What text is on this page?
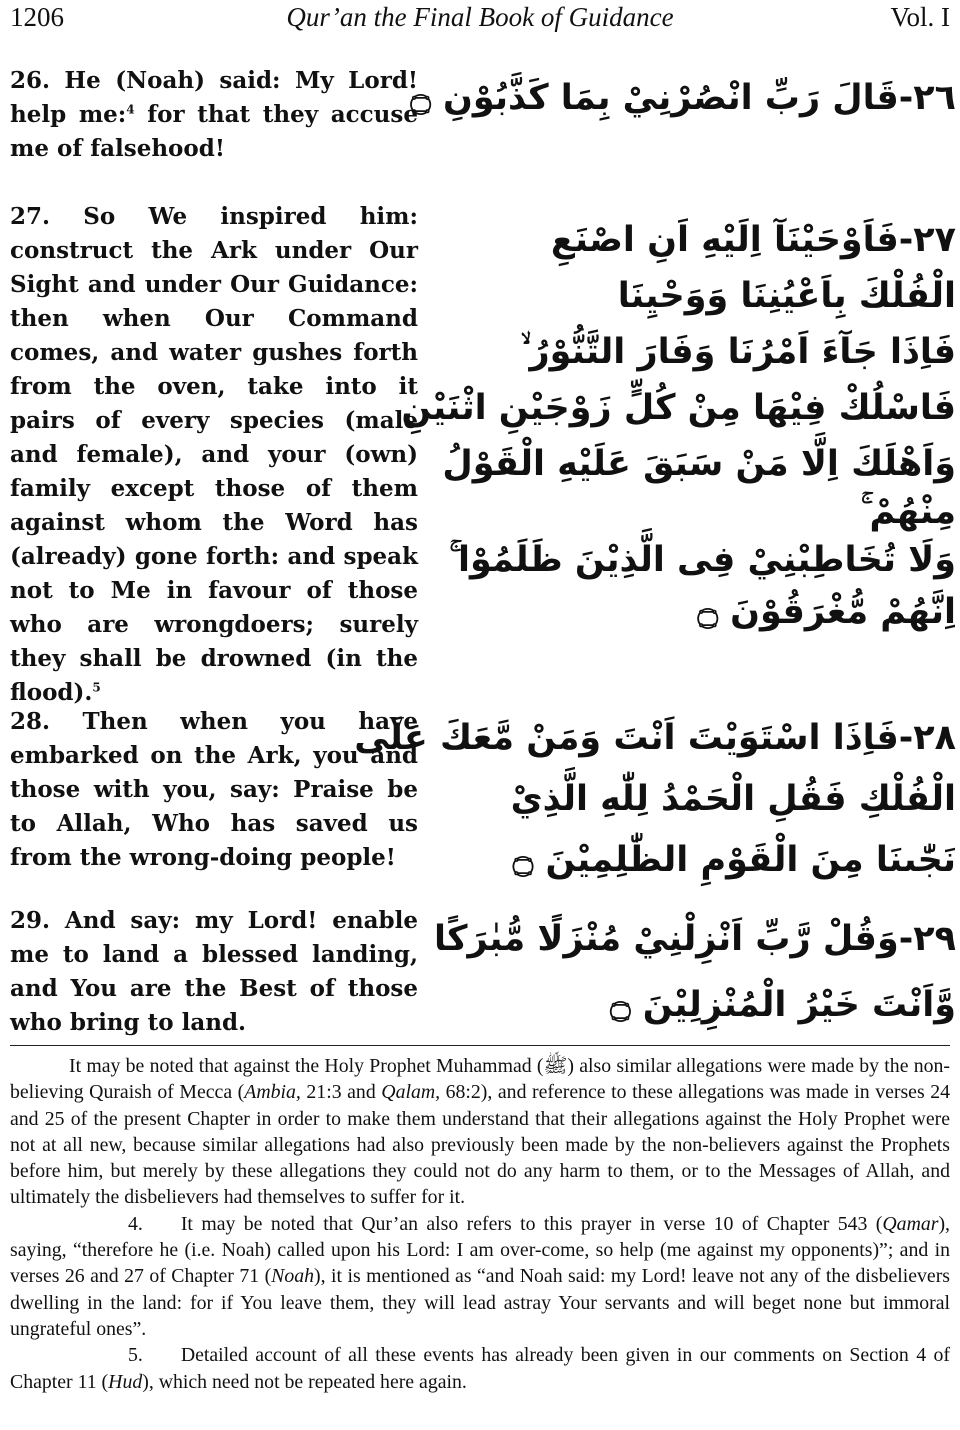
1206	Qur’an the Final Book of Guidance	Vol. I
26. He (Noah) said: My Lord! help me:$^4$ for that they accuse me of falsehood!
٢٦-قَالَ رَبِّ انْصُرْنِيْ بِمَا كَذَّبُوْنِ ۝
27. So We inspired him: construct the Ark under Our Sight and under Our Guidance: then when Our Command comes, and water gushes forth from the oven, take into it pairs of every species (male and female), and your (own) family except those of them against whom the Word has (already) gone forth: and speak not to Me in favour of those who are wrongdoers; surely they shall be drowned (in the flood).$^5$
٢٧-فَاَوْحَيْنَآ اِلَيْهِ اَنِ اصْنَعِ
الْفُلْكَ بِاَعْيُنِنَا وَوَحْيِنَا
فَاِذَا جَآءَ اَمْرُنَا وَفَارَ التَّنُّوْرُ ۙ
فَاسْلُكْ فِيْهَا مِنْ كُلٍّ زَوْجَيْنِ اثْنَيْنِ
وَاَهْلَكَ اِلَّا مَنْ سَبَقَ عَلَيْهِ الْقَوْلُ
مِنْهُمْ ۚ
وَلَا تُخَاطِبْنِيْ فِى الَّذِيْنَ ظَلَمُوْا ۚ
اِنَّهُمْ مُّغْرَقُوْنَ ۝
28. Then when you have embarked on the Ark, you and those with you, say: Praise be to Allah, Who has saved us from the wrong-doing people!
٢٨-فَاِذَا اسْتَوَيْتَ اَنْتَ وَمَنْ مَّعَكَ عَلَى
الْفُلْكِ فَقُلِ الْحَمْدُ لِلّٰهِ الَّذِيْ
نَجّٰىنَا مِنَ الْقَوْمِ الظّٰلِمِيْنَ ۝
29. And say: my Lord! enable me to land a blessed landing, and You are the Best of those who bring to land.
٢٩-وَقُلْ رَّبِّ اَنْزِلْنِيْ مُنْزَلًا مُّبٰرَكًا
وَّاَنْتَ خَيْرُ الْمُنْزِلِيْنَ ۝

It may be noted that against the Holy Prophet Muhammad (ﷺ) also similar allegations were made by the non-believing Quraish of Mecca (Ambia, 21:3 and Qalam, 68:2), and reference to these allegations was made in verses 24 and 25 of the present Chapter in order to make them understand that their allegations against the Holy Prophet were not at all new, because similar allegations had also previously been made by the non-believers against the Prophets before him, but merely by these allegations they could not do any harm to them, or to the Messages of Allah, and ultimately the disbelievers had themselves to suffer for it.

4. It may be noted that Qur’an also refers to this prayer in verse 10 of Chapter 543 (Qamar), saying, “therefore he (i.e. Noah) called upon his Lord: I am over-come, so help (me against my opponents)”; and in verses 26 and 27 of Chapter 71 (Noah), it is mentioned as “and Noah said: my Lord! leave not any of the disbelievers dwelling in the land: for if You leave them, they will lead astray Your servants and will beget none but immoral ungrateful ones”.

5. Detailed account of all these events has already been given in our comments on Section 4 of Chapter 11 (Hud), which need not be repeated here again.
